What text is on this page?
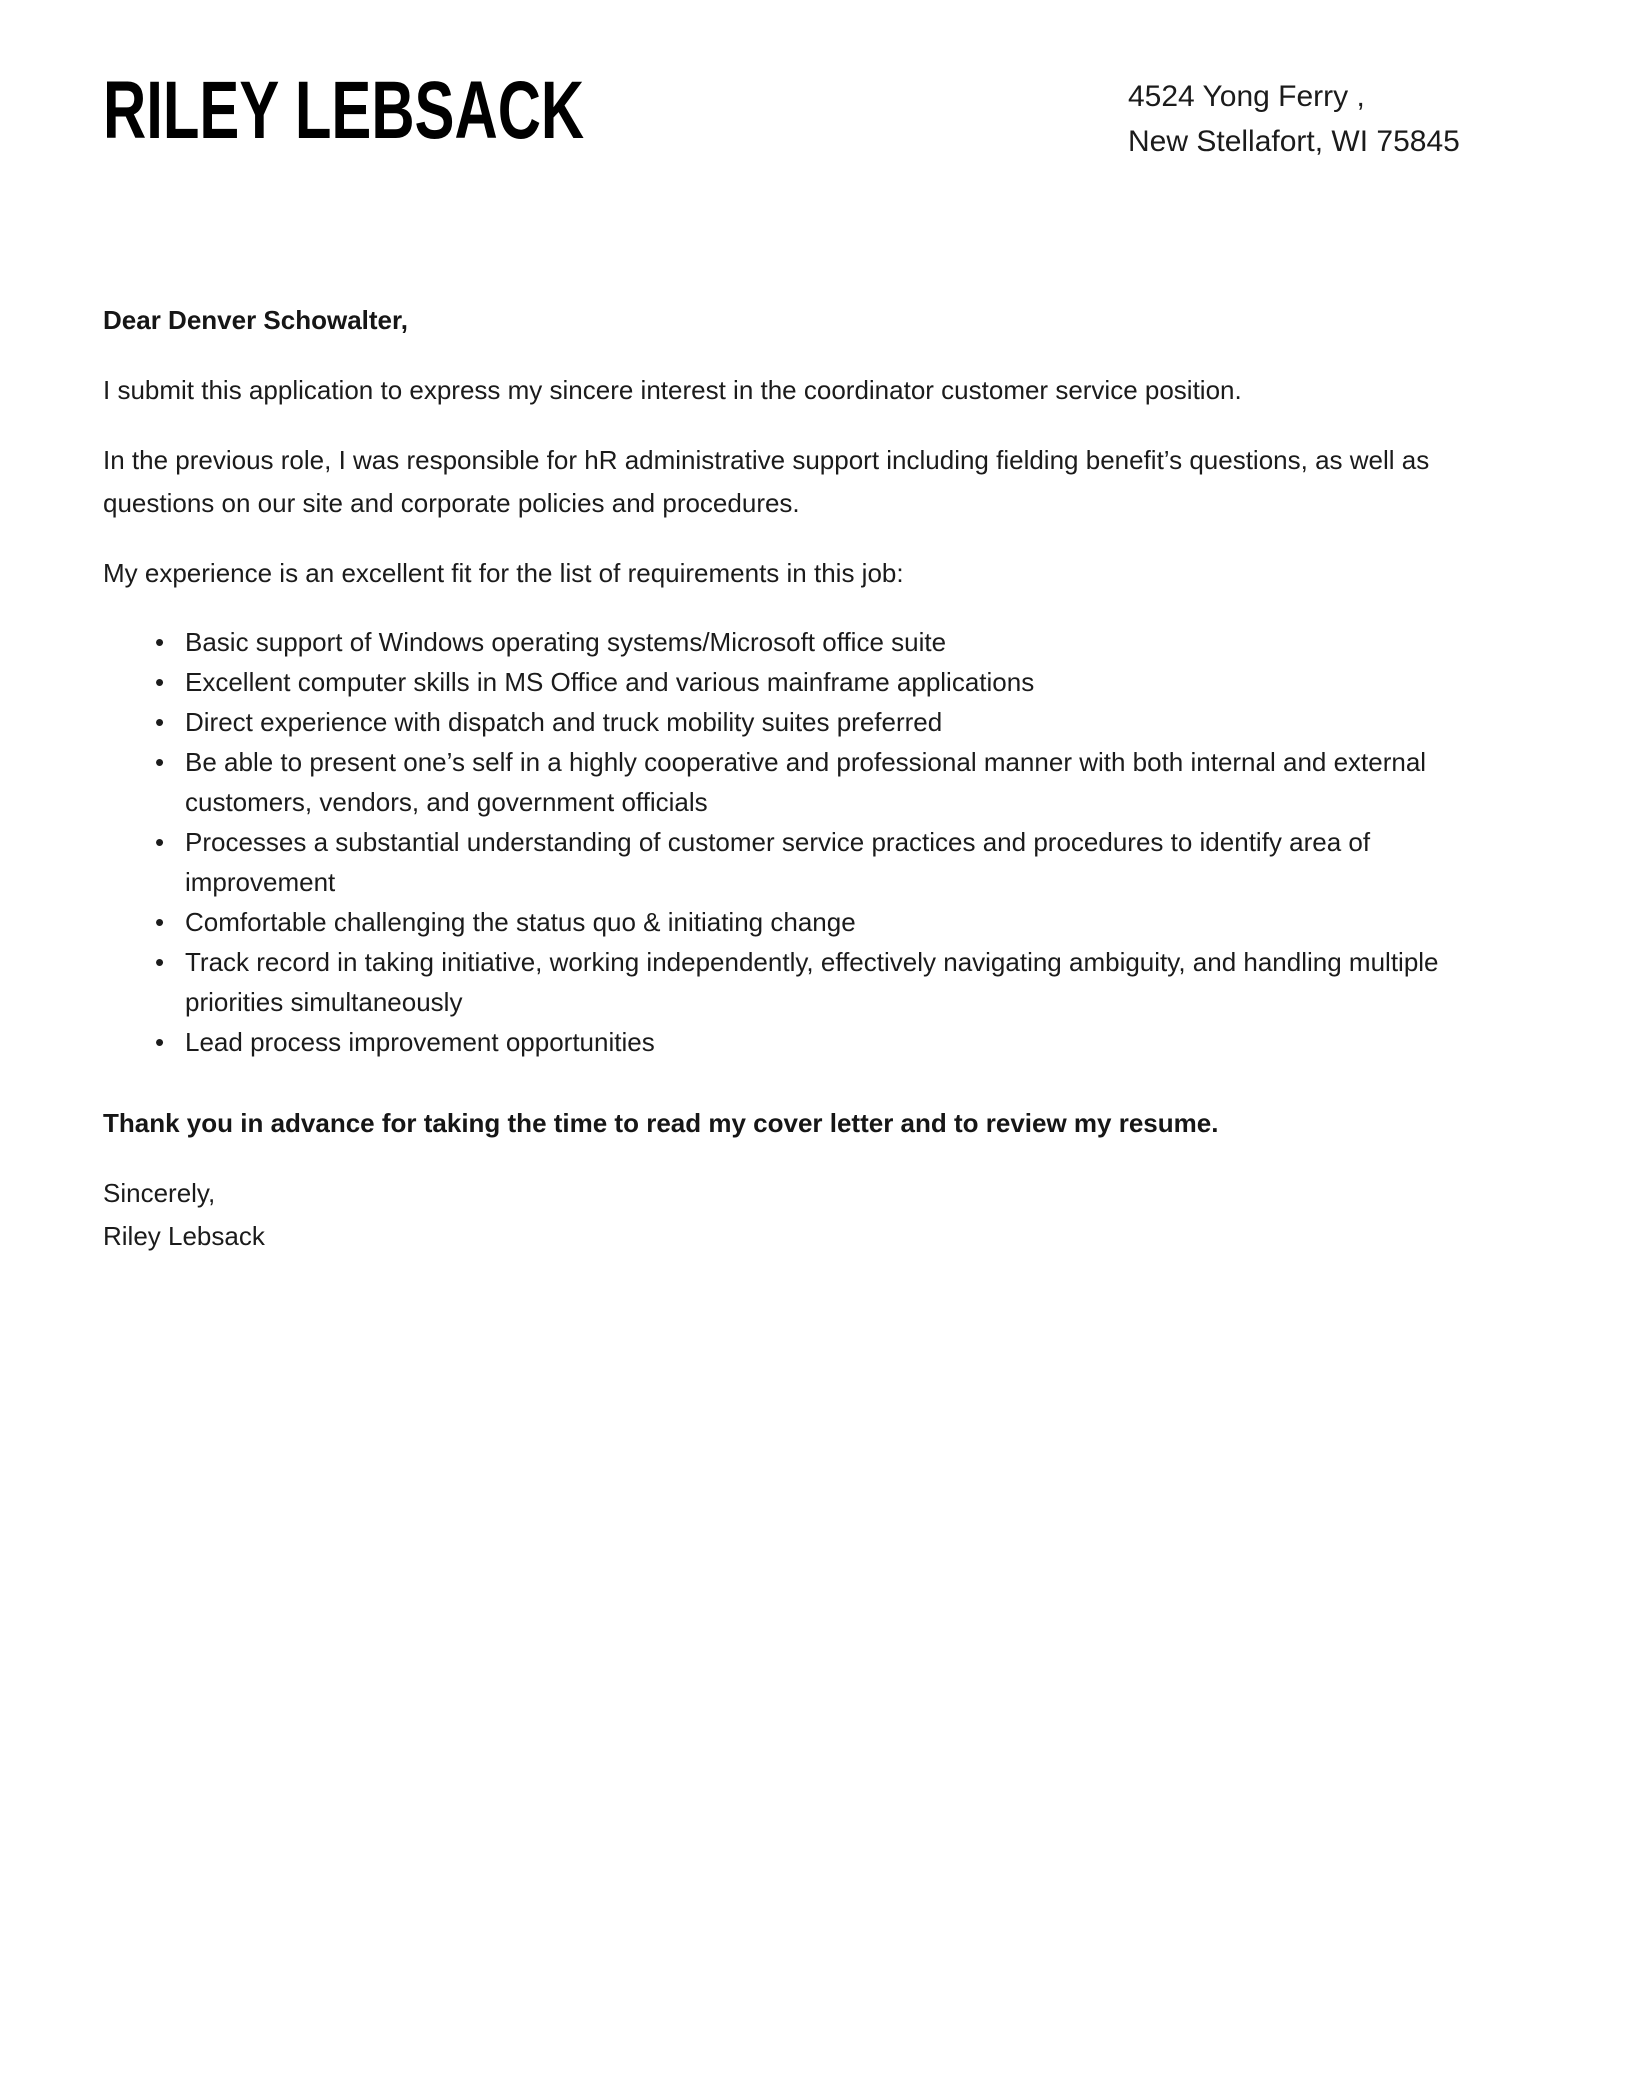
RILEY LEBSACK	4524 Yong Ferry ,
New Stellafort, WI 75845

Dear Denver Schowalter,

I submit this application to express my sincere interest in the coordinator customer service position.

In the previous role, I was responsible for hR administrative support including fielding benefit’s questions, as well as questions on our site and corporate policies and procedures.

My experience is an excellent fit for the list of requirements in this job:

• Basic support of Windows operating systems/Microsoft office suite
• Excellent computer skills in MS Office and various mainframe applications
• Direct experience with dispatch and truck mobility suites preferred
• Be able to present one’s self in a highly cooperative and professional manner with both internal and external customers, vendors, and government officials
• Processes a substantial understanding of customer service practices and procedures to identify area of improvement
• Comfortable challenging the status quo & initiating change
• Track record in taking initiative, working independently, effectively navigating ambiguity, and handling multiple priorities simultaneously
• Lead process improvement opportunities

Thank you in advance for taking the time to read my cover letter and to review my resume.

Sincerely,
Riley Lebsack
